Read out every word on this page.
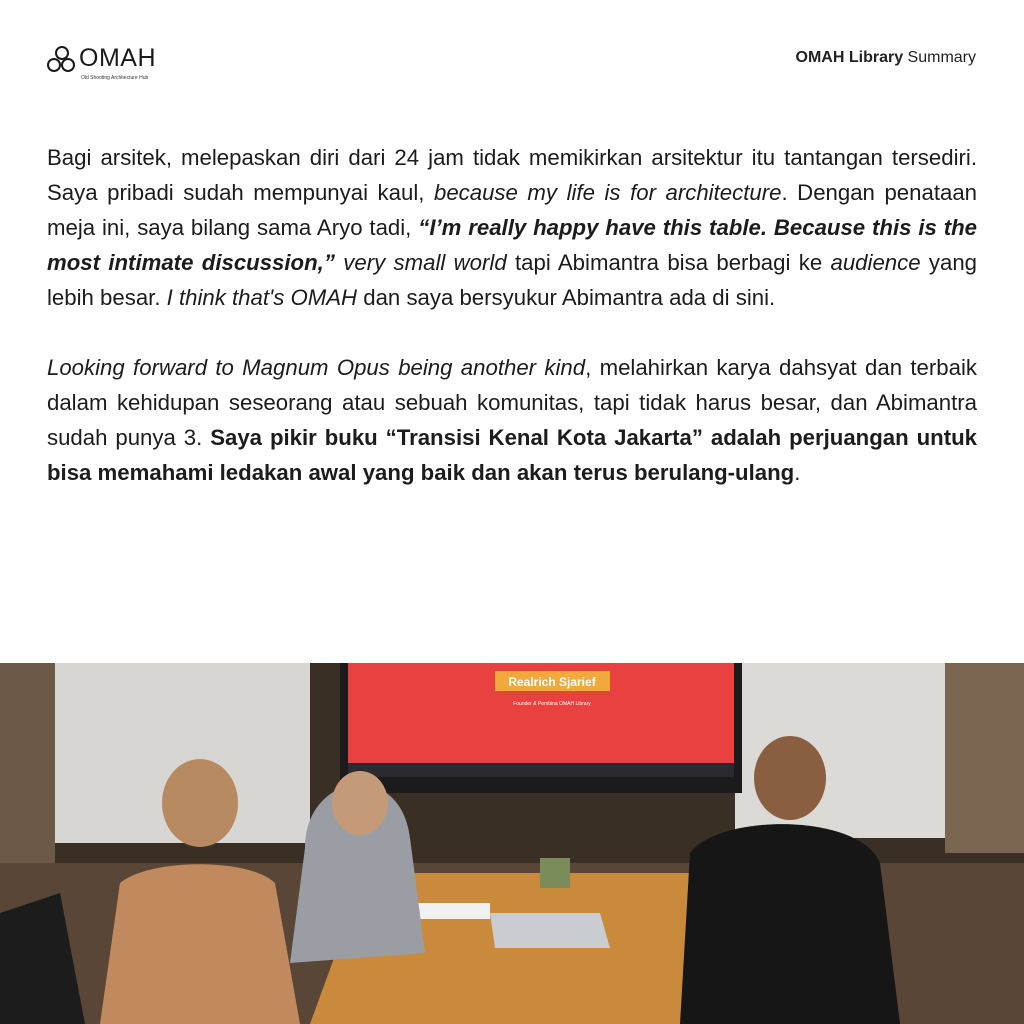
OMAH
Old Shooting Architecture Hub
OMAH Library Summary

Bagi arsitek, melepaskan diri dari 24 jam tidak memikirkan arsitektur itu tantangan tersediri. Saya pribadi sudah mempunyai kaul, because my life is for architecture. Dengan penataan meja ini, saya bilang sama Aryo tadi, “I’m really happy have this table. Because this is the most intimate discussion,” very small world tapi Abimantra bisa berbagi ke audience yang lebih besar. I think that's OMAH dan saya bersyukur Abimantra ada di sini.

Looking forward to Magnum Opus being another kind, melahirkan karya dahsyat dan terbaik dalam kehidupan seseorang atau sebuah komunitas, tapi tidak harus besar, dan Abimantra sudah punya 3. Saya pikir buku “Transisi Kenal Kota Jakarta” adalah perjuangan untuk bisa memahami ledakan awal yang baik dan akan terus berulang-ulang.

Realrich Sjarief
Founder & Pembina OMAH Library
